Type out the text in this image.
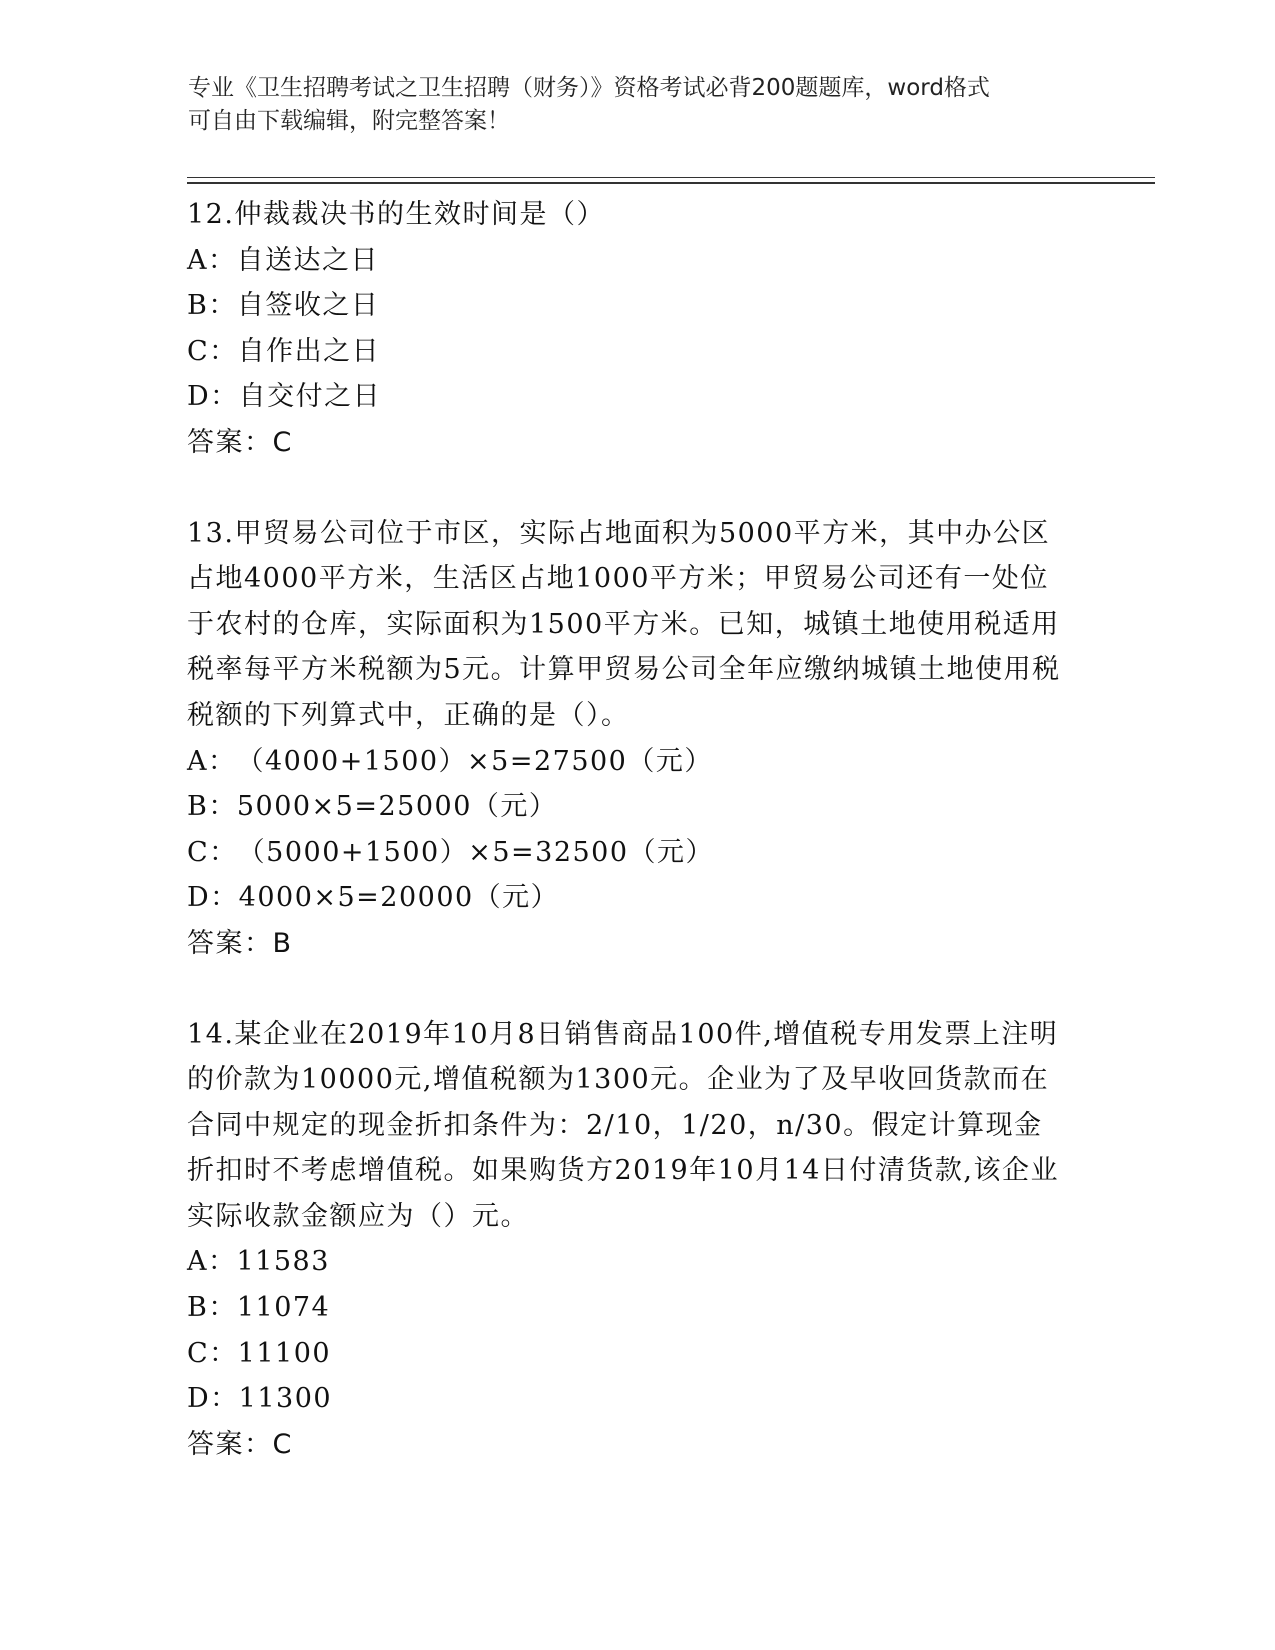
专业《卫生招聘考试之卫生招聘（财务）》资格考试必背200题题库，word格式
可自由下载编辑，附完整答案！

12.仲裁裁决书的生效时间是（）

A： 自送达之日
B： 自签收之日
C： 自作出之日
D： 自交付之日

答案：C

13.甲贸易公司位于市区，实际占地面积为5000平方米，其中办公区占地4000平方米，生活区占地1000平方米；甲贸易公司还有一处位于农村的仓库，实际面积为1500平方米。已知，城镇土地使用税适用税率每平方米税额为5元。计算甲贸易公司全年应缴纳城镇土地使用税税额的下列算式中，正确的是（）。

A： （4000+1500）×5=27500（元）
B： 5000×5=25000（元）
C： （5000+1500）×5=32500（元）
D： 4000×5=20000（元）

答案：B

14.某企业在2019年10月8日销售商品100件,增值税专用发票上注明的价款为10000元,增值税额为1300元。企业为了及早收回货款而在合同中规定的现金折扣条件为：2/10，1/20，n/30。假定计算现金折扣时不考虑增值税。如果购货方2019年10月14日付清货款,该企业实际收款金额应为（）元。

A： 11583
B： 11074
C： 11100
D： 11300

答案：C
